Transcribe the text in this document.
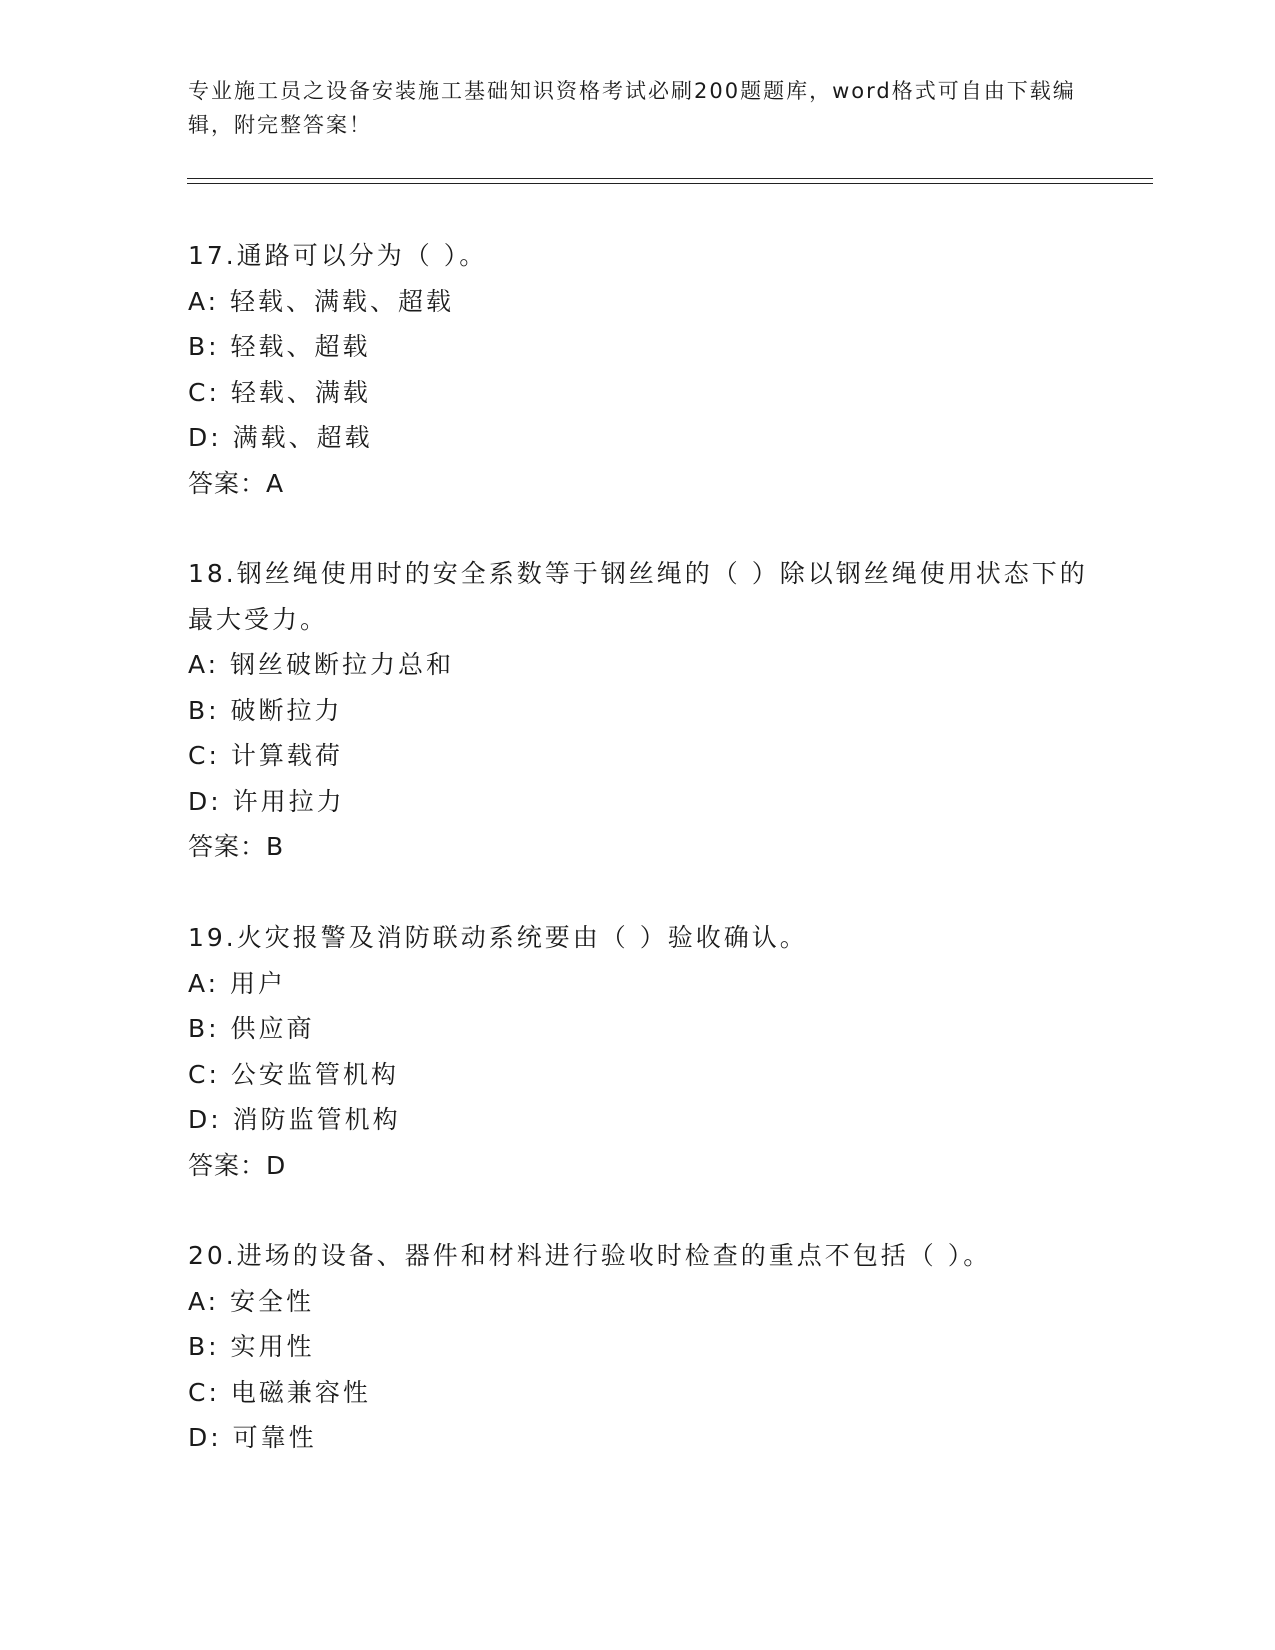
专业施工员之设备安装施工基础知识资格考试必刷200题题库，word格式可自由下载编辑，附完整答案！
17.通路可以分为（ ）。
A: 轻载、满载、超载
B: 轻载、超载
C: 轻载、满载
D: 满载、超载
答案：A
18.钢丝绳使用时的安全系数等于钢丝绳的（ ）除以钢丝绳使用状态下的最大受力。
A: 钢丝破断拉力总和
B: 破断拉力
C: 计算载荷
D: 许用拉力
答案：B
19.火灾报警及消防联动系统要由（ ）验收确认。
A: 用户
B: 供应商
C: 公安监管机构
D: 消防监管机构
答案：D
20.进场的设备、器件和材料进行验收时检查的重点不包括（ ）。
A: 安全性
B: 实用性
C: 电磁兼容性
D: 可靠性
